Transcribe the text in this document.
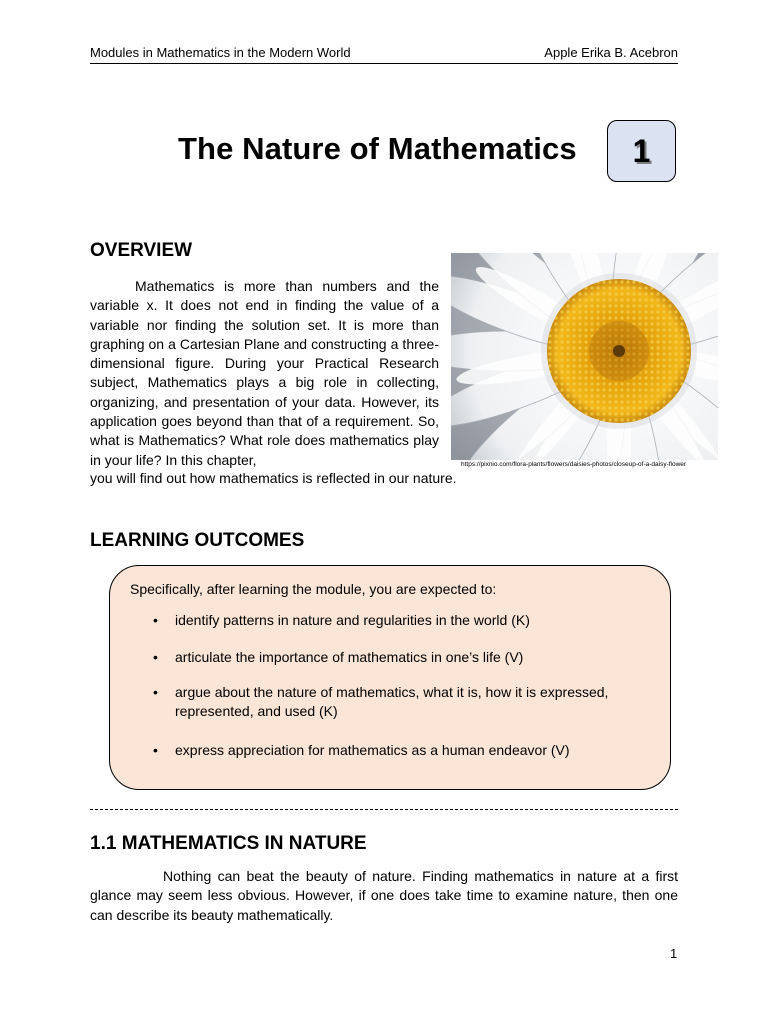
Modules in Mathematics in the Modern World	Apple Erika B. Acebron
The Nature of Mathematics	1
OVERVIEW
Mathematics is more than numbers and the variable x. It does not end in finding the value of a variable nor finding the solution set. It is more than graphing on a Cartesian Plane and constructing a three-dimensional figure. During your Practical Research subject, Mathematics plays a big role in collecting, organizing, and presentation of your data. However, its application goes beyond than that of a requirement. So, what is Mathematics? What role does mathematics play in your life? In this chapter,
you will find out how mathematics is reflected in our nature.
https://pixnio.com/flora-plants/flowers/daisies-photos/closeup-of-a-daisy-flower
LEARNING OUTCOMES
Specifically, after learning the module, you are expected to:
• identify patterns in nature and regularities in the world (K)
• articulate the importance of mathematics in one’s life (V)
• argue about the nature of mathematics, what it is, how it is expressed, represented, and used (K)
• express appreciation for mathematics as a human endeavor (V)
1.1 MATHEMATICS IN NATURE
Nothing can beat the beauty of nature. Finding mathematics in nature at a first glance may seem less obvious. However, if one does take time to examine nature, then one can describe its beauty mathematically.
1
